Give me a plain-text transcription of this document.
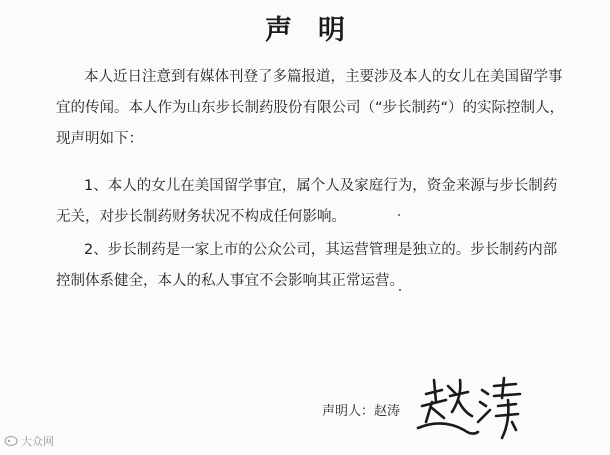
声明
本人近日注意到有媒体刊登了多篇报道，主要涉及本人的女儿在美国留学事
宜的传闻。本人作为山东步长制药股份有限公司（“步长制药“）的实际控制人，
现声明如下：
1、本人的女儿在美国留学事宜，属个人及家庭行为，资金来源与步长制药
无关，对步长制药财务状况不构成任何影响。
2、步长制药是一家上市的公众公司，其运营管理是独立的。步长制药内部
控制体系健全，本人的私人事宜不会影响其正常运营。
声明人：赵涛
大众网
